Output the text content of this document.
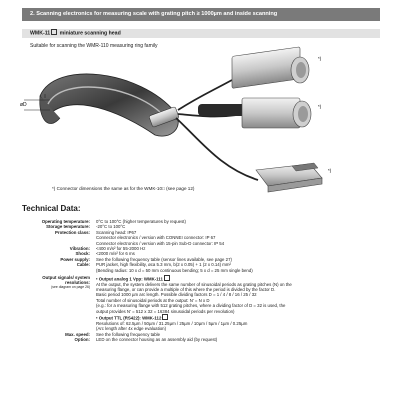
øD
*)
*)
*)
2. Scanning electronics for measuring scale with grating pitch ≥ 1000µm and inside scanning
WMK-11 miniature scanning head
Suitable for scanning the WMR-110 measuring ring family
*) Connector dimensions the same as for the WMK-10□ (see page 12)
Technical Data:
Operating temperature:	0°C to 100°C (higher temperatures by request)

Storage temperature:	-20°C to 100°C

Protection class:	Scanning head: IP67

Connector electronics / version with CONNEI connector: IP 67

Connector electronics / version with 15-pin Sub-D connector: IP 54

Vibration:	<400 m/s² for 55-2000 Hz

Shock:	<2000 m/s² for 6 ms

Power supply:	See the following frequency table (sensor lines available, see page 27)

Cable:	PUR jacket, high flexibility, øca 5.3 mm, b(2 x 0.05) + 1 (2 x 0.14) mm²

(Bending radius: 10 x d = 50 mm continuous bending; 5 x d = 25 mm single bend)

Output signals/ system resolutions:
(see diagram on page 26)

• Output analog 1 Vpp: WMK-111

At the output, the system delivers the same number of sinusoidal periods as grating pitches (N) on the

measuring flange, or can provide a multiple of this where the period is divided by the factor D.

Basic period 1000 µm arc length. Possible dividing factors D = 1 / 4 / 8 / 16 / 25 / 32

Total number of sinusoidal periods at the output: N' = N x D

(e.g.: for a measuring flange with 512 grating pitches, where a dividing factor of D = 32 is used, the

output provides N' = 512 x 32 = 16384 sinusoidal periods per revolution)

• Output TTL (RS422): WMK-112

Resolutions of: 62.5µm / 50µm / 31.25µm / 25µm / 10µm / 5µm / 1µm / 0.25µm

(Arc length after 4x edge evaluation)

Max. speed:	See the following frequency table

Option:	LED on the connector housing as an assembly aid (by request)
